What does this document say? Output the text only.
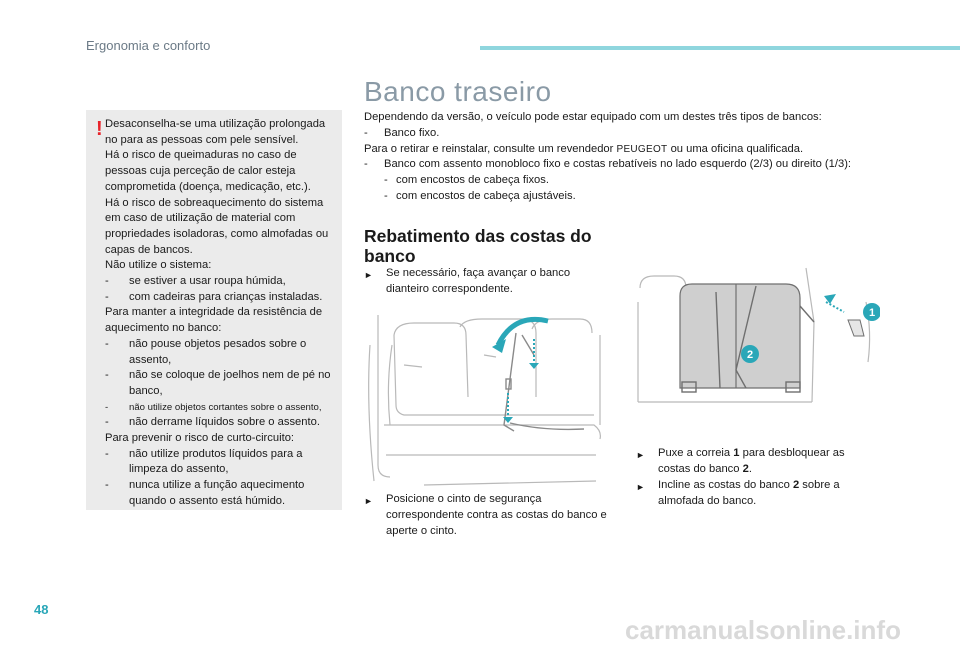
Ergonomia e conforto
! Desaconselha-se uma utilização prolongada no para as pessoas com pele sensível.

Há o risco de queimaduras no caso de pessoas cuja perceção de calor esteja comprometida (doença, medicação, etc.).

Há o risco de sobreaquecimento do sistema em caso de utilização de material com propriedades isoladoras, como almofadas ou capas de bancos.

Não utilize o sistema:

-	se estiver a usar roupa húmida,
-	com cadeiras para crianças instaladas.

Para manter a integridade da resistência de aquecimento no banco:

-	não pouse objetos pesados sobre o assento,
-	não se coloque de joelhos nem de pé no banco,
-	não utilize objetos cortantes sobre o assento,
-	não derrame líquidos sobre o assento.

Para prevenir o risco de curto-circuito:

-	não utilize produtos líquidos para a limpeza do assento,
-	nunca utilize a função aquecimento quando o assento está húmido.
Banco traseiro

Dependendo da versão, o veículo pode estar equipado com um destes três tipos de bancos:

-	Banco fixo.

Para o retirar e reinstalar, consulte um revendedor PEUGEOT ou uma oficina qualificada.

-	Banco com assento monobloco fixo e costas rebatíveis no lado esquerdo (2/3) ou direito (1/3):
- com encostos de cabeça fixos.
- com encostos de cabeça ajustáveis.
Rebatimento das costas do banco
►	Se necessário, faça avançar o banco dianteiro correspondente.
►	Posicione o cinto de segurança correspondente contra as costas do banco e aperte o cinto.
1
2
►	Puxe a correia 1 para desbloquear as costas do banco 2.
►	Incline as costas do banco 2 sobre a almofada do banco.
48
carmanualsonline.info
